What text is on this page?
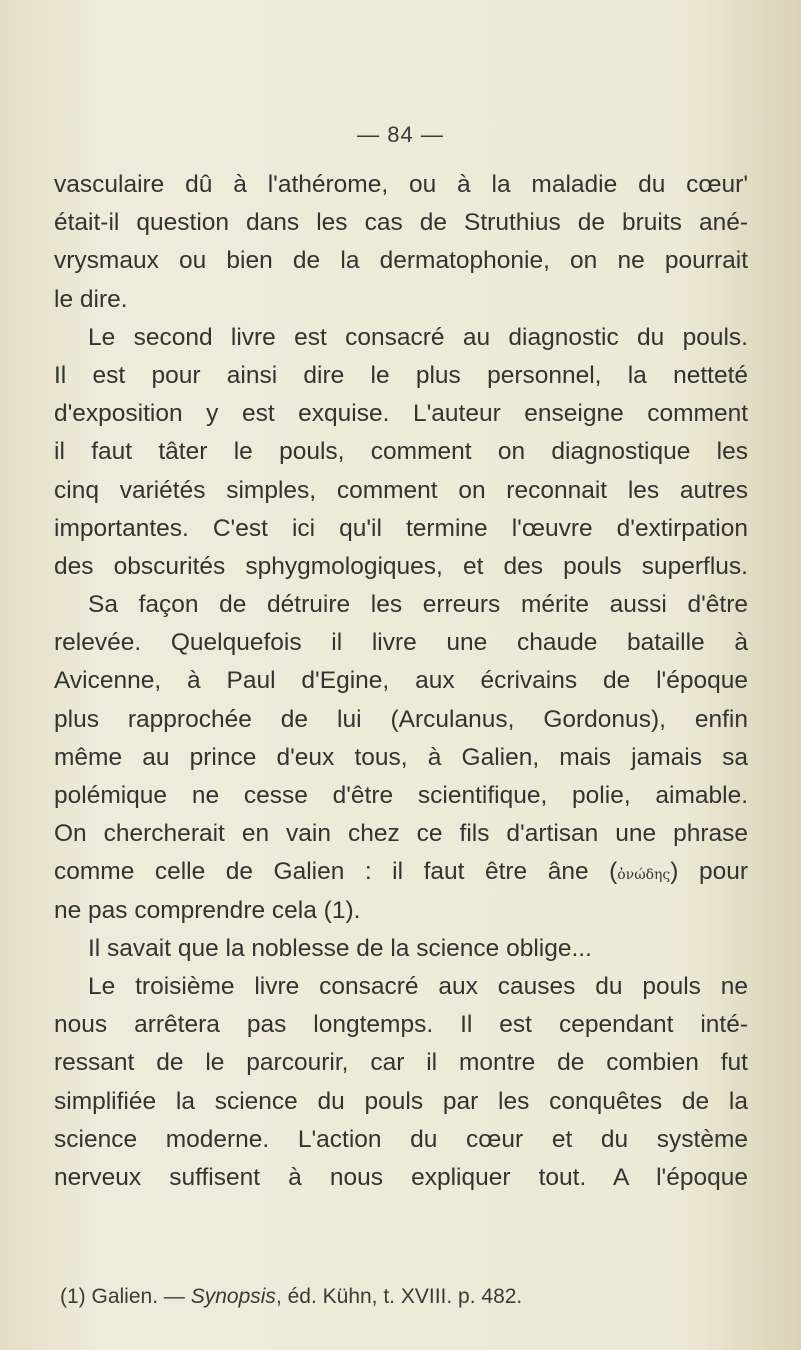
— 84 —
vasculaire dû à l'athérome, ou à la maladie du cœur'
était-il question dans les cas de Struthius de bruits ané-
vrysmaux ou bien de la dermatophonie, on ne pourrait
le dire.
Le second livre est consacré au diagnostic du pouls.
Il est pour ainsi dire le plus personnel, la netteté
d'exposition y est exquise. L'auteur enseigne comment
il faut tâter le pouls, comment on diagnostique les
cinq variétés simples, comment on reconnait les autres
importantes. C'est ici qu'il termine l'œuvre d'extirpation
des obscurités sphygmologiques, et des pouls superflus.
Sa façon de détruire les erreurs mérite aussi d'être
relevée. Quelquefois il livre une chaude bataille à
Avicenne, à Paul d'Egine, aux écrivains de l'époque
plus rapprochée de lui (Arculanus, Gordonus), enfin
même au prince d'eux tous, à Galien, mais jamais sa
polémique ne cesse d'être scientifique, polie, aimable.
On chercherait en vain chez ce fils d'artisan une phrase
comme celle de Galien : il faut être âne (ὀνώδης) pour
ne pas comprendre cela (1).
Il savait que la noblesse de la science oblige...
Le troisième livre consacré aux causes du pouls ne
nous arrêtera pas longtemps. Il est cependant inté-
ressant de le parcourir, car il montre de combien fut
simplifiée la science du pouls par les conquêtes de la
science moderne. L'action du cœur et du système
nerveux suffisent à nous expliquer tout. A l'époque
(1) Galien. — Synopsis, éd. Kühn, t. XVIII. p. 482.
